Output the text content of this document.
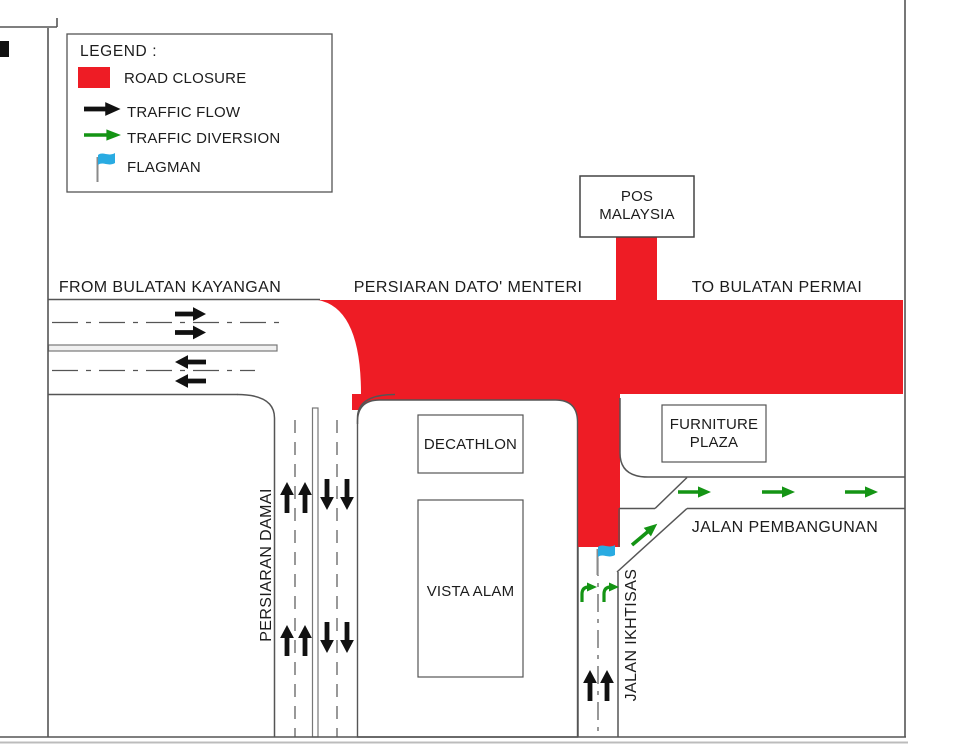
POS
MALAYSIA
DECATHLON
VISTA ALAM
FURNITURE
PLAZA
FROM BULATAN KAYANGAN	PERSIARAN DATO' MENTERI	TO BULATAN PERMAI
JALAN PEMBANGUNAN
PERSIARAN DAMAI	JALAN IKHTISAS
LEGEND :
ROAD CLOSURE
TRAFFIC FLOW
TRAFFIC DIVERSION
FLAGMAN
